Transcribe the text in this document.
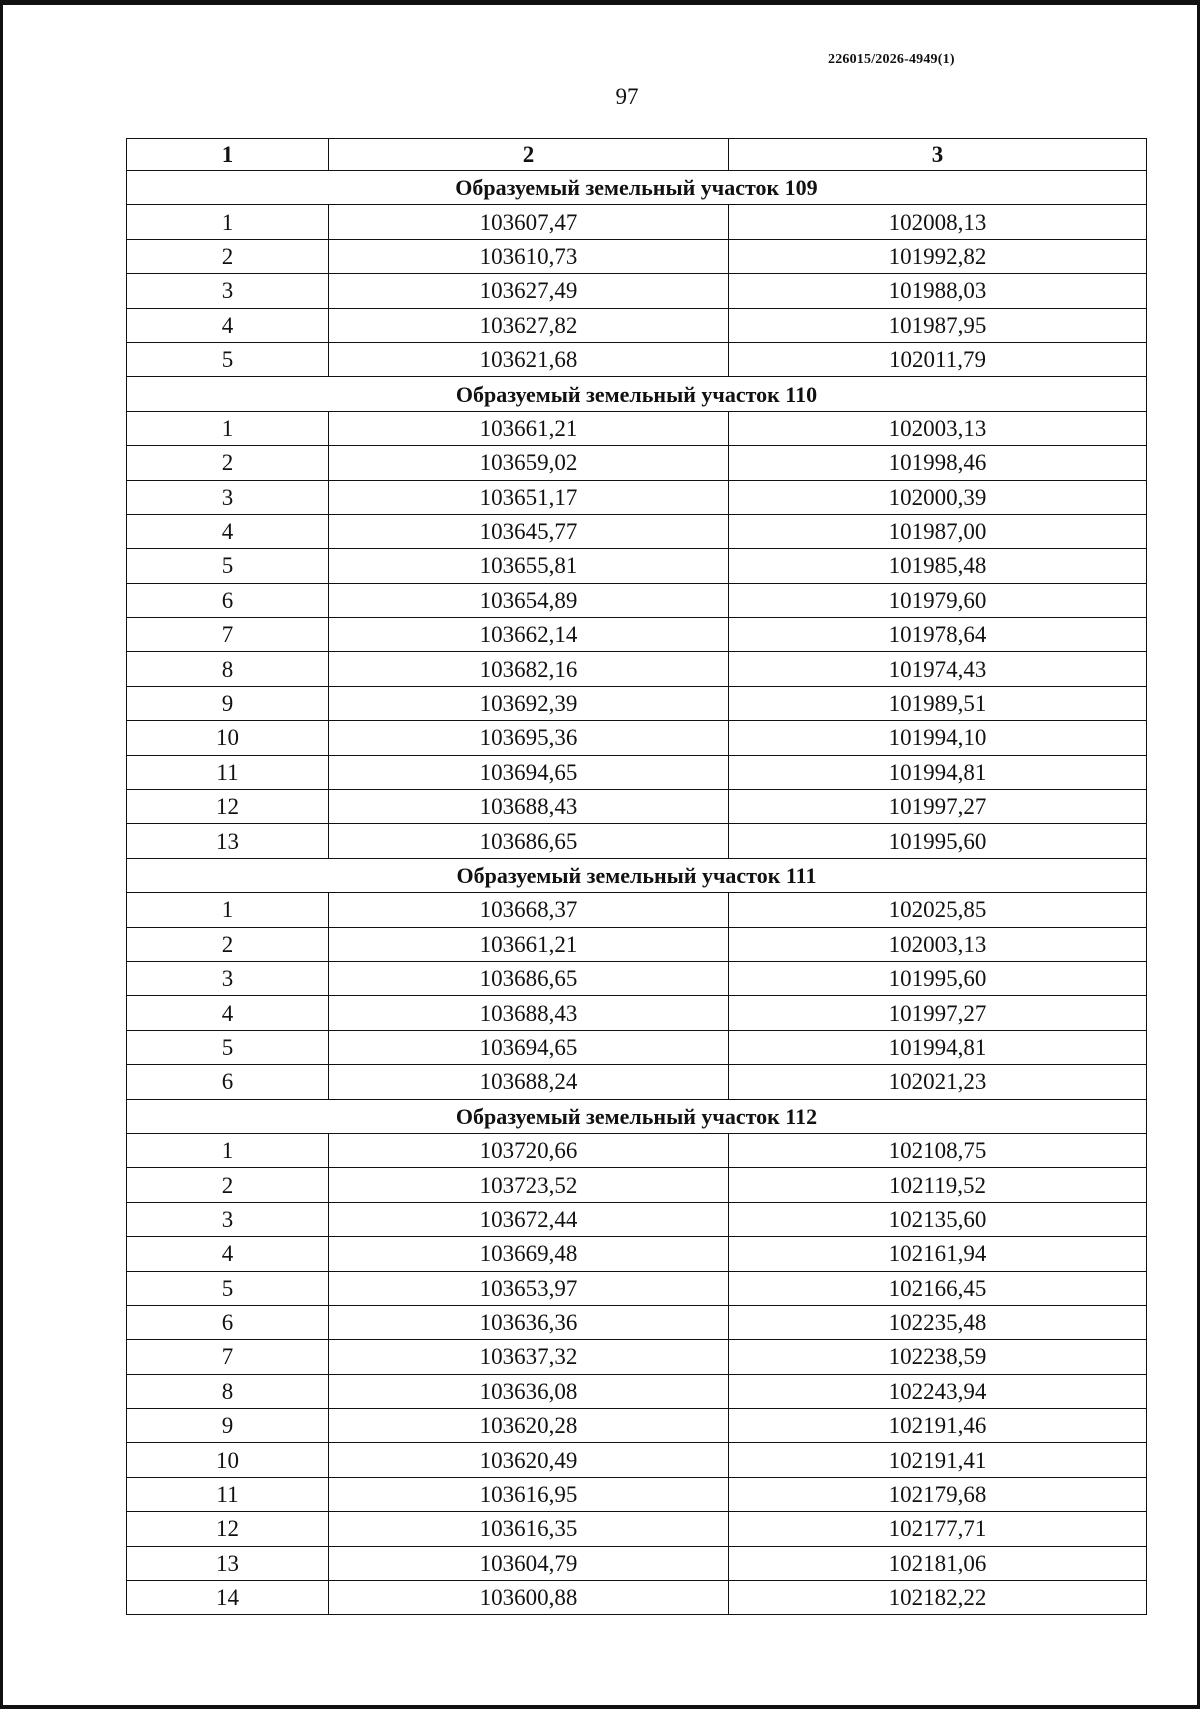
226015/2026-4949(1)
97
1	2	3
Образуемый земельный участок 109		
1	103607,47	102008,13
2	103610,73	101992,82
3	103627,49	101988,03
4	103627,82	101987,95
5	103621,68	102011,79
Образуемый земельный участок 110		
1	103661,21	102003,13
2	103659,02	101998,46
3	103651,17	102000,39
4	103645,77	101987,00
5	103655,81	101985,48
6	103654,89	101979,60
7	103662,14	101978,64
8	103682,16	101974,43
9	103692,39	101989,51
10	103695,36	101994,10
11	103694,65	101994,81
12	103688,43	101997,27
13	103686,65	101995,60
Образуемый земельный участок 111		
1	103668,37	102025,85
2	103661,21	102003,13
3	103686,65	101995,60
4	103688,43	101997,27
5	103694,65	101994,81
6	103688,24	102021,23
Образуемый земельный участок 112		
1	103720,66	102108,75
2	103723,52	102119,52
3	103672,44	102135,60
4	103669,48	102161,94
5	103653,97	102166,45
6	103636,36	102235,48
7	103637,32	102238,59
8	103636,08	102243,94
9	103620,28	102191,46
10	103620,49	102191,41
11	103616,95	102179,68
12	103616,35	102177,71
13	103604,79	102181,06
14	103600,88	102182,22
